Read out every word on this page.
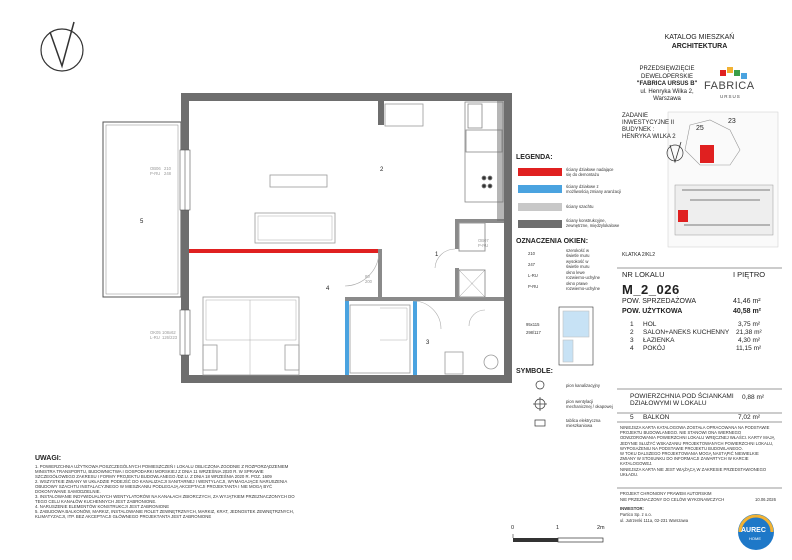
KATALOG MIESZKAŃ
ARCHITEKTURA
PRZEDSIĘWZIĘCIE
DEWELOPERSKIE
"FABRICA URSUS B"
ul. Henryka Wilka 2,
Warszawa
FABRICA
URSUS
ZADANIE
INWESTYCYJNE II
BUDYNEK :
HENRYKA WILKA 2
25
23
KLATKA 2/KL2
NR LOKALU	I PIĘTRO
M_2_026
POW. SPRZEDAŻOWA	41,46 m²
POW. UŻYTKOWA	40,58 m²
1 HOL	3,75 m²
2 SALON+ANEKS KUCHENNY 21,38 m²
3 ŁAZIENKA	4,30 m²
4 POKÓJ	11,15 m²
POWIERZCHNIA POD ŚCIANKAMI
DZIAŁOWYMI W LOKALU
0,88 m²
5 BALKON	7,02 m²
NINIEJSZA KARTA KATALOGOWA ZOSTAŁA OPRACOWANA NA PODSTAWIE
PROJEKTU BUDOWLANEGO. NIE STANOWI ONA WIERNEGO
ODWZOROWANIA POWIERZCHNI LOKALU WRĘCZNEJ WŁAŚCI. KARTY MAJĄ
JEDYNIE SŁUŻYĆ WSKAZANIU PROJEKTOWANYCH POWIERZCHNI LOKALU,
WYPOSAŻENIU NA PODSTAWIE PROJEKTU BUDOWLANEGO.
W TOKU DALSZEGO PROJEKTOWANIA MOGĄ NASTĄPIĆ NIEWIELKIE
ZMIANY W STOSUNKU DO INFORMACJI ZAWARTYCH W KARCIE
KATALOGOWEJ.
NINIEJSZA KARTA NIE JEST WIĄŻĄCĄ W ZAKRESIE PRZEDSTAWIONEGO
UKŁADU.
PROJEKT CHRONIONY PRAWEM AUTORSKIM
NIE PRZEZNACZONY DO CELÓW WYKONAWCZYCH	10.06.2026
INWESTOR:
Partico Sp. z o.o.
ul. Jutrzenki 111a, 02-231 Warszawa
AUREC
HOME
LEGENDA:
ściany działowe nadające
się do demontażu
ściany działowe z
możliwością zmiany aranżacji
ściany szachtu
ściany konstrukcyjne,
zewnętrzne, międzylokalowe
OZNACZENIA OKIEN:
210
szerokość w
świetle muru
247
wysokość w
świetle muru
L-RU
okno lewe
rozwierno-uchylne
P-RU
okno prawe
rozwierno-uchylne
95x115
298/117
SYMBOLE:
pion kanalizacyjny
pion wentylacji
mechanicznej / okapowej
tablica elektryczna
mieszkaniowa
1
2
3
4
5
OB06
P-RU
210
248
OK05
L-RU
108x62
126/223
OB07
P-RU
80
200
0	1	2m
UWAGI:
1. POWIERZCHNIA UŻYTKOWA POSZCZEGÓLNYCH POMIESZCZEŃ I LOKALU OBLICZONA ZGODNIE Z ROZPORZĄDZENIEM
MINISTRA TRANSPORTU, BUDOWNICTWA I GOSPODARKI MORSKIEJ Z DNIA 11 WRZEŚNIA 2020 R. W SPRAWIE
SZCZEGÓŁOWEGO ZAKRESU I FORMY PROJEKTU BUDOWLANEGO /DZ.U. Z DNIA 18 WRZEŚNIA 2020 R. POZ. 1609
2. WSZYSTKIE ZMIANY W UKŁADZIE PODEJŚĆ DO KANALIZACJI SANITARNEJ I WENTYLACJI, WYMAGAJĄCE NARUSZENIA
OBUDOWY SZACHTU INSTALACYJNEGO W MIESZKANIU PODLEGAJĄ AKCEPTACJI PROJEKTANTA I NIE MOGĄ BYĆ
DOKONYWANE SAMODZIELNIE.
3. INSTALOWANIE INDYWIDUALNYCH WENTYLATORÓW NA KANAŁACH ZBIORCZYCH, ZA WYJĄTKIEM PRZEZNACZONYCH DO
TEGO CELU KANAŁÓW KUCHENNYCH JEST ZABRONIONE.
4. NARUSZENIE ELEMENTÓW KONSTRUKCJI JEST ZABRONIONE
5. ZABUDOWA BALKONÓW, MARKIZ, INSTALOWANIE ROLET ZEWNĘTRZNYCH, MARKIZ, KRAT, JEDNOSTEK ZEWNĘTRZNYCH,
KLIMATYZACJI, ITP. BEZ AKCEPTACJI GŁÓWNEGO PROJEKTANTA JEST ZABRONIONE
